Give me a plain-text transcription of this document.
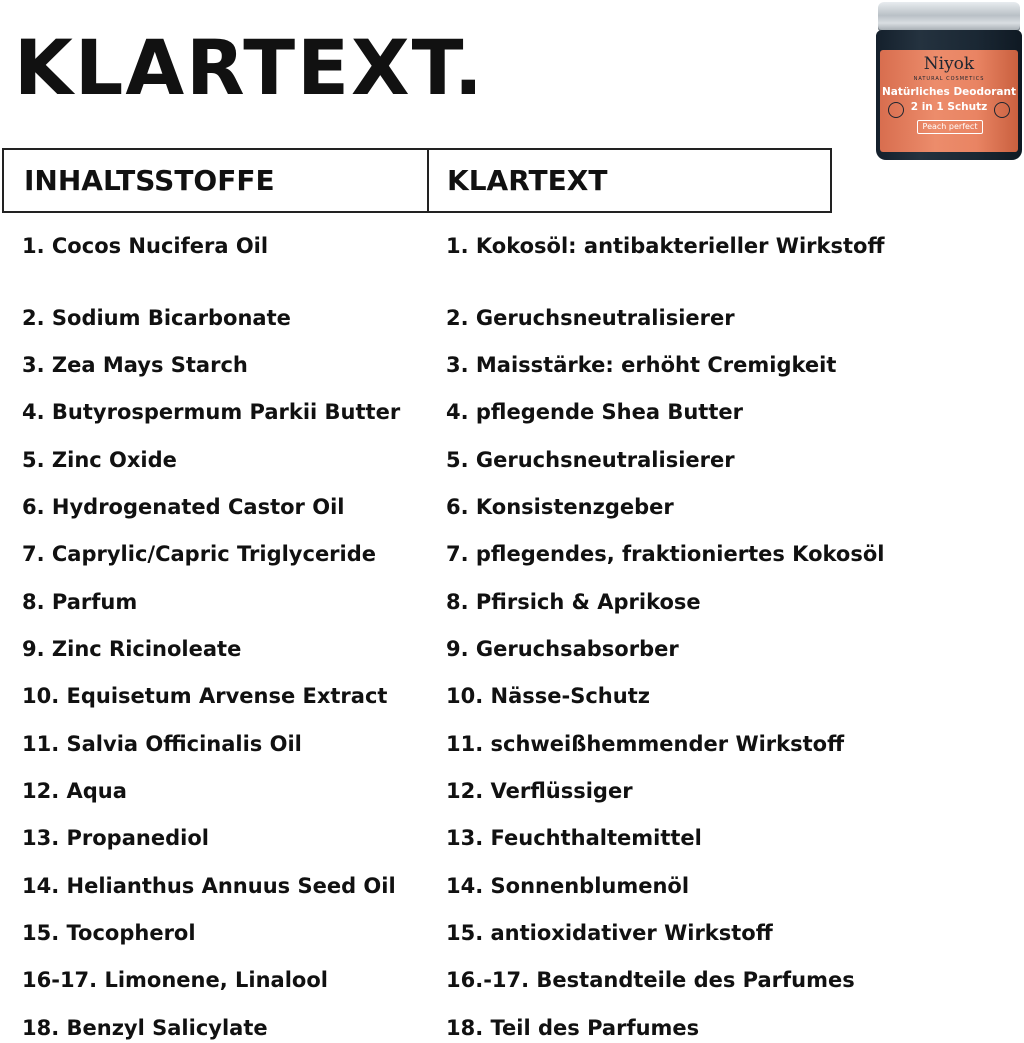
KLARTEXT.	Niyok
NATURAL COSMETICS
Natürliches Deodorant
2 in 1 Schutz
Peach perfect
INHALTSSTOFFE	KLARTEXT
1. Cocos Nucifera Oil	1. Kokosöl: antibakterieller Wirkstoff
2. Sodium Bicarbonate	2. Geruchsneutralisierer
3. Zea Mays Starch	3. Maisstärke: erhöht Cremigkeit
4. Butyrospermum Parkii Butter	4. pflegende Shea Butter
5. Zinc Oxide	5. Geruchsneutralisierer
6. Hydrogenated Castor Oil	6. Konsistenzgeber
7. Caprylic/Capric Triglyceride	7. pflegendes, fraktioniertes Kokosöl
8. Parfum	8. Pfirsich & Aprikose
9. Zinc Ricinoleate	9. Geruchsabsorber
10. Equisetum Arvense Extract	10. Nässe-Schutz
11. Salvia Officinalis Oil	11. schweißhemmender Wirkstoff
12. Aqua	12. Verflüssiger
13. Propanediol	13. Feuchthaltemittel
14. Helianthus Annuus Seed Oil	14. Sonnenblumenöl
15. Tocopherol	15. antioxidativer Wirkstoff
16-17. Limonene, Linalool	16.-17. Bestandteile des Parfumes
18. Benzyl Salicylate	18. Teil des Parfumes
